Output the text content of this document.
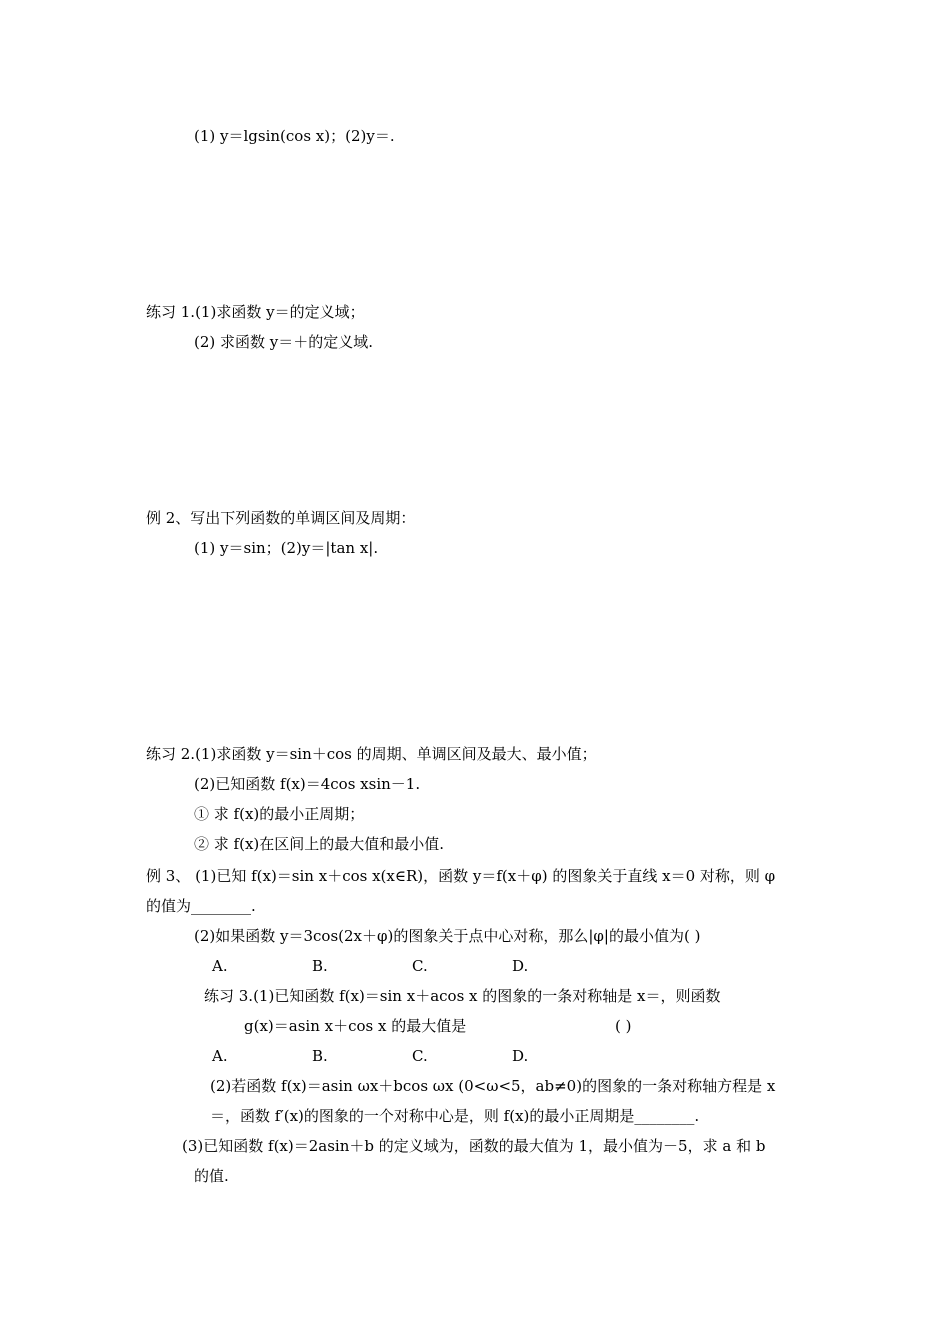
(1) y＝lgsin(cos x)；(2)y＝.
练习 1.(1)求函数 y＝的定义域；
(2) 求函数 y＝＋的定义域.
例 2、写出下列函数的单调区间及周期：
(1) y＝sin；(2)y＝|tan x|.
练习 2.(1)求函数 y＝sin＋cos 的周期、单调区间及最大、最小值；
(2)已知函数 f(x)＝4cos xsin－1.
① 求 f(x)的最小正周期；
② 求 f(x)在区间上的最大值和最小值.
例 3、 (1)已知 f(x)＝sin x＋cos x(x∈R)，函数 y＝f(x＋φ) 的图象关于直线 x＝0 对称，则 φ
的值为________.
(2)如果函数 y＝3cos(2x＋φ)的图象关于点中心对称，那么|φ|的最小值为( )
A.	B.	C.	D.
练习 3.(1)已知函数 f(x)＝sin x＋acos x 的图象的一条对称轴是 x＝，则函数
g(x)＝asin x＋cos x 的最大值是	( )
A.	B.	C.	D.
(2)若函数 f(x)＝asin ωx＋bcos ωx (0<ω<5，ab≠0)的图象的一条对称轴方程是 x
＝，函数 f′(x)的图象的一个对称中心是，则 f(x)的最小正周期是________.
(3)已知函数 f(x)＝2asin＋b 的定义域为，函数的最大值为 1，最小值为－5，求 a 和 b
的值.
